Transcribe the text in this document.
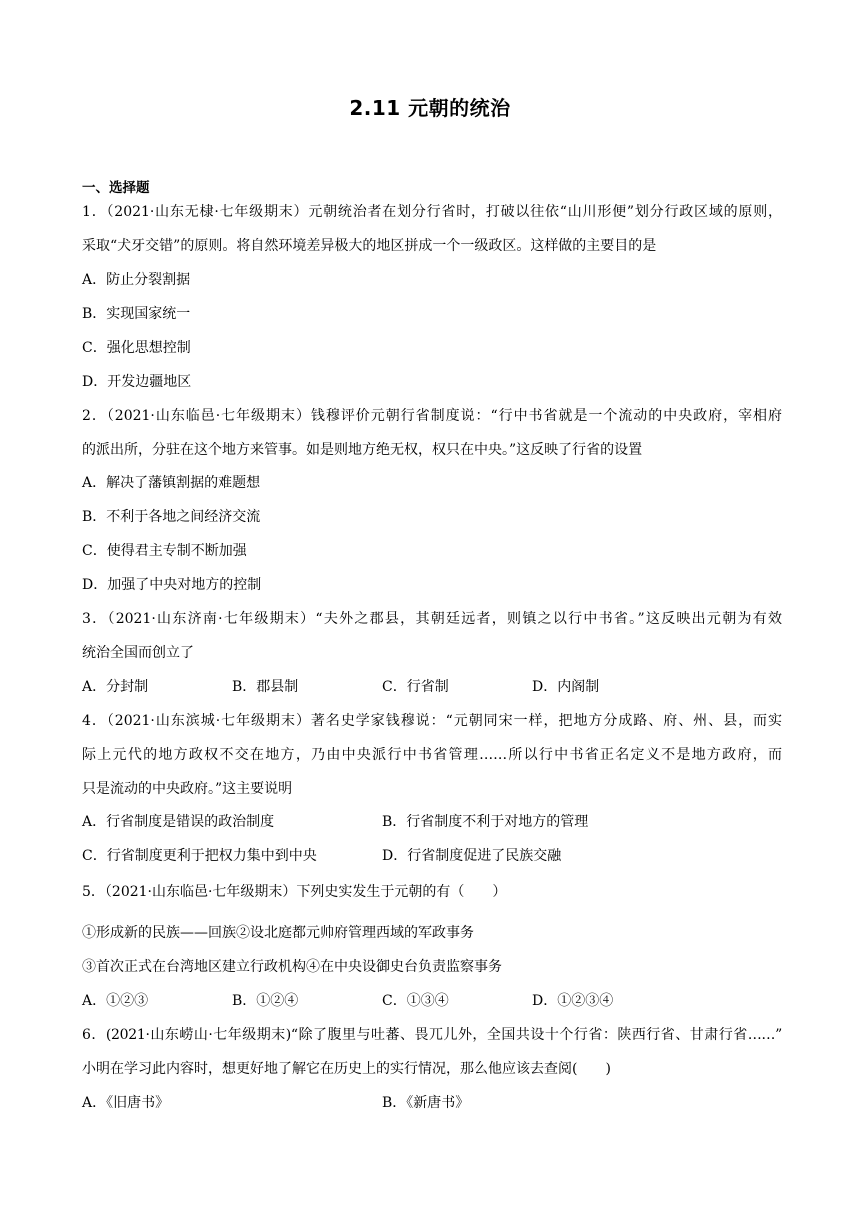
2.11 元朝的统治
一、选择题
1．（2021·山东无棣·七年级期末）元朝统治者在划分行省时，打破以往依“山川形便”划分行政区域的原则，
采取“犬牙交错”的原则。将自然环境差异极大的地区拼成一个一级政区。这样做的主要目的是
A．防止分裂割据
B．实现国家统一
C．强化思想控制
D．开发边疆地区
2．（2021·山东临邑·七年级期末）钱穆评价元朝行省制度说：“行中书省就是一个流动的中央政府，宰相府
的派出所，分驻在这个地方来管事。如是则地方绝无权，权只在中央。”这反映了行省的设置
A．解决了藩镇割据的难题想
B．不利于各地之间经济交流
C．使得君主专制不断加强
D．加强了中央对地方的控制
3．（2021·山东济南·七年级期末）“夫外之郡县，其朝廷远者，则镇之以行中书省。”这反映出元朝为有效
统治全国而创立了
A．分封制	B．郡县制	C．行省制	D．内阁制
4．（2021·山东滨城·七年级期末）著名史学家钱穆说：“元朝同宋一样，把地方分成路、府、州、县，而实
际上元代的地方政权不交在地方，乃由中央派行中书省管理……所以行中书省正名定义不是地方政府，而
只是流动的中央政府。”这主要说明
A．行省制度是错误的政治制度	B．行省制度不利于对地方的管理
C．行省制度更利于把权力集中到中央	D．行省制度促进了民族交融
5．（2021·山东临邑·七年级期末）下列史实发生于元朝的有（　　）
①形成新的民族——回族②设北庭都元帅府管理西域的军政事务
③首次正式在台湾地区建立行政机构④在中央设御史台负责监察事务
A．①②③	B．①②④	C．①③④	D．①②③④
6．(2021·山东崂山·七年级期末)“除了腹里与吐蕃、畏兀儿外，全国共设十个行省：陕西行省、甘肃行省……”
小明在学习此内容时，想更好地了解它在历史上的实行情况，那么他应该去查阅(　　)
A．《旧唐书》	B．《新唐书》
